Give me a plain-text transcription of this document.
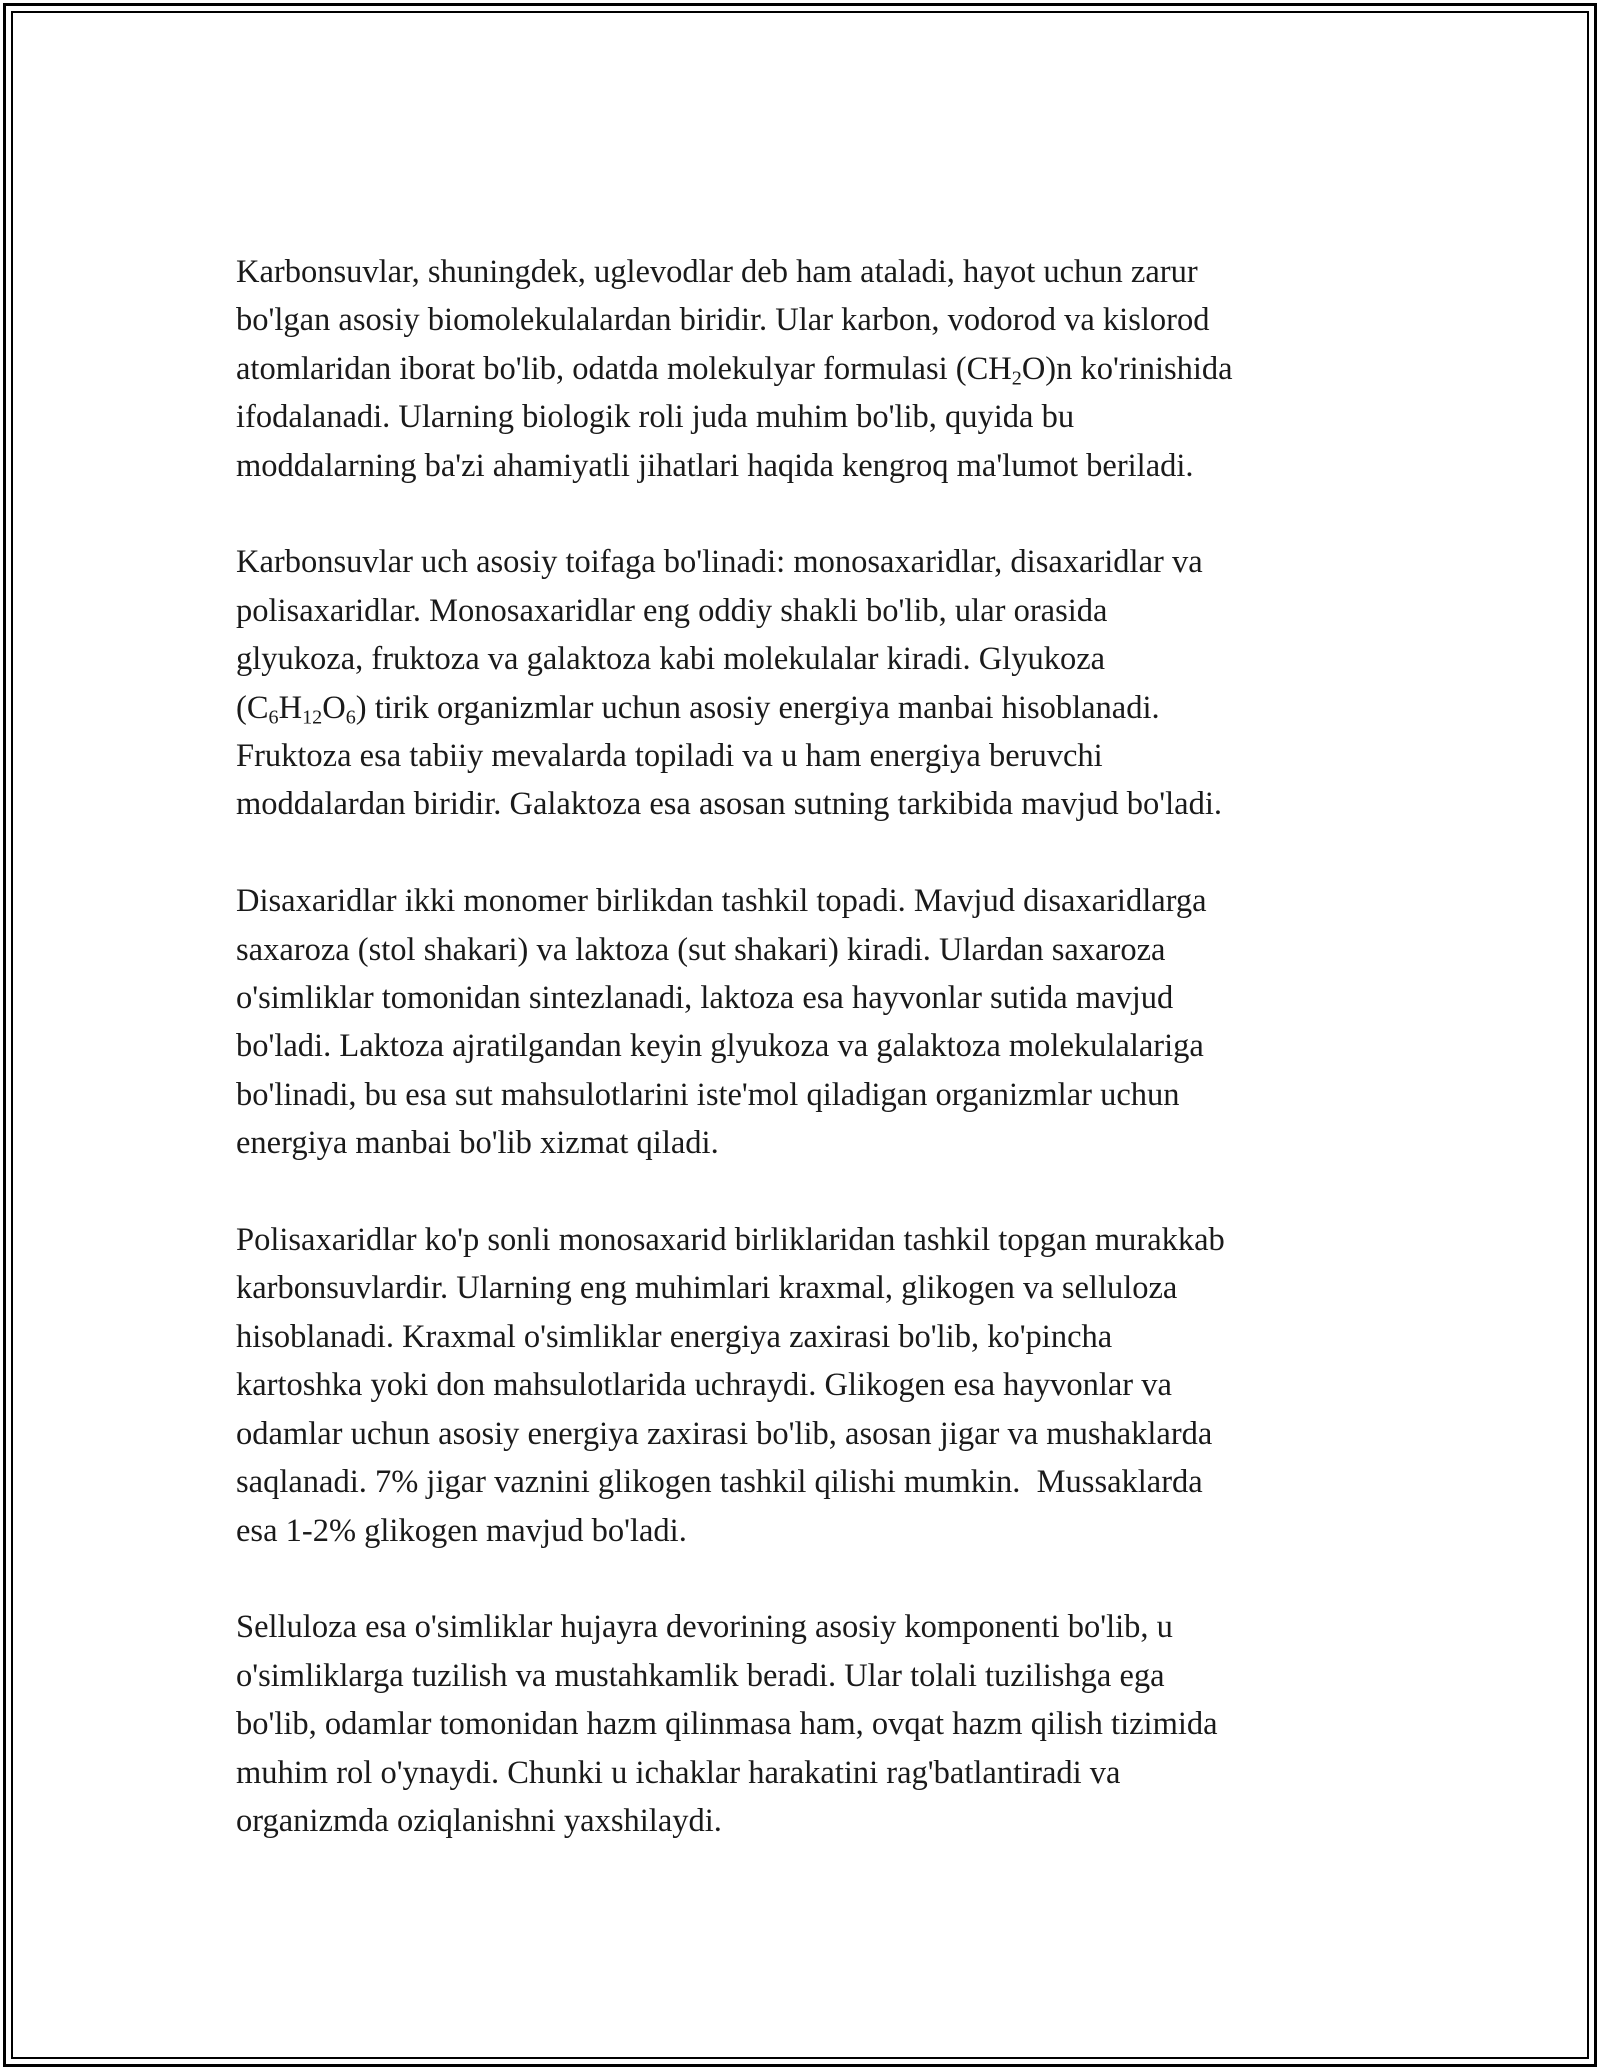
Karbonsuvlar, shuningdek, uglevodlar deb ham ataladi, hayot uchun zarur
bo'lgan asosiy biomolekulalardan biridir. Ular karbon, vodorod va kislorod
atomlaridan iborat bo'lib, odatda molekulyar formulasi $(CH_2O)n$ ko'rinishida
ifodalanadi. Ularning biologik roli juda muhim bo'lib, quyida bu
moddalarning ba'zi ahamiyatli jihatlari haqida kengroq ma'lumot beriladi.
Karbonsuvlar uch asosiy toifaga bo'linadi: monosaxaridlar, disaxaridlar va
polisaxaridlar. Monosaxaridlar eng oddiy shakli bo'lib, ular orasida
glyukoza, fruktoza va galaktoza kabi molekulalar kiradi. Glyukoza
$(C_6H_{12}O_6)$ tirik organizmlar uchun asosiy energiya manbai hisoblanadi.
Fruktoza esa tabiiy mevalarda topiladi va u ham energiya beruvchi
moddalardan biridir. Galaktoza esa asosan sutning tarkibida mavjud bo'ladi.
Disaxaridlar ikki monomer birlikdan tashkil topadi. Mavjud disaxaridlarga
saxaroza (stol shakari) va laktoza (sut shakari) kiradi. Ulardan saxaroza
o'simliklar tomonidan sintezlanadi, laktoza esa hayvonlar sutida mavjud
bo'ladi. Laktoza ajratilgandan keyin glyukoza va galaktoza molekulalariga
bo'linadi, bu esa sut mahsulotlarini iste'mol qiladigan organizmlar uchun
energiya manbai bo'lib xizmat qiladi.
Polisaxaridlar ko'p sonli monosaxarid birliklaridan tashkil topgan murakkab
karbonsuvlardir. Ularning eng muhimlari kraxmal, glikogen va selluloza
hisoblanadi. Kraxmal o'simliklar energiya zaxirasi bo'lib, ko'pincha
kartoshka yoki don mahsulotlarida uchraydi. Glikogen esa hayvonlar va
odamlar uchun asosiy energiya zaxirasi bo'lib, asosan jigar va mushaklarda
saqlanadi. 7% jigar vaznini glikogen tashkil qilishi mumkin.  Mussaklarda
esa 1-2% glikogen mavjud bo'ladi.
Selluloza esa o'simliklar hujayra devorining asosiy komponenti bo'lib, u
o'simliklarga tuzilish va mustahkamlik beradi. Ular tolali tuzilishga ega
bo'lib, odamlar tomonidan hazm qilinmasa ham, ovqat hazm qilish tizimida
muhim rol o'ynaydi. Chunki u ichaklar harakatini rag'batlantiradi va
organizmda oziqlanishni yaxshilaydi.
